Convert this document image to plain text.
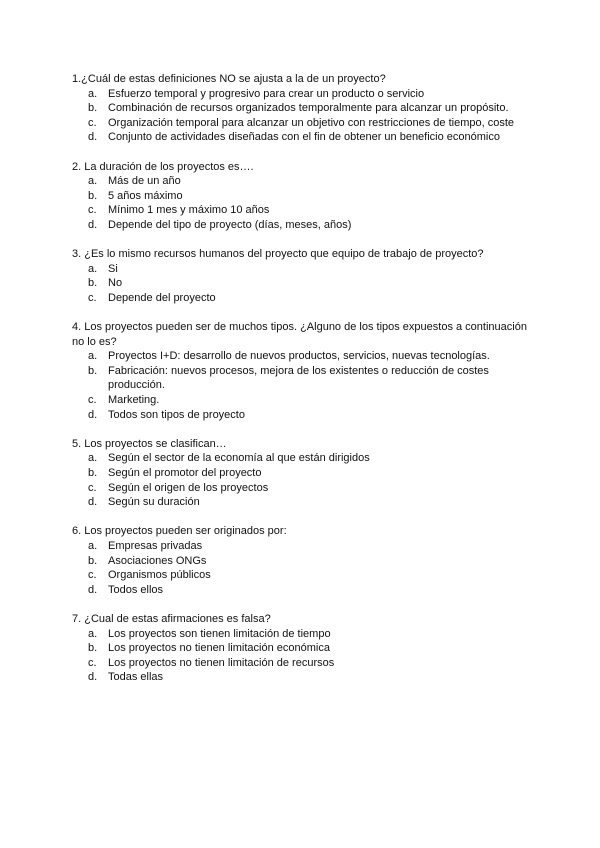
1.¿Cuál de estas definiciones NO se ajusta a la de un proyecto?

a. Esfuerzo temporal y progresivo para crear un producto o servicio
b. Combinación de recursos organizados temporalmente para alcanzar un propósito.
c. Organización temporal para alcanzar un objetivo con restricciones de tiempo, coste
d. Conjunto de actividades diseñadas con el fin de obtener un beneficio económico

2. La duración de los proyectos es….

a. Más de un año
b. 5 años máximo
c. Mínimo 1 mes y máximo 10 años
d. Depende del tipo de proyecto (días, meses, años)

3. ¿Es lo mismo recursos humanos del proyecto que equipo de trabajo de proyecto?

a. Si
b. No
c. Depende del proyecto

4. Los proyectos pueden ser de muchos tipos. ¿Alguno de los tipos expuestos a continuación no lo es?

a. Proyectos I+D: desarrollo de nuevos productos, servicios, nuevas tecnologías.
b. Fabricación: nuevos procesos, mejora de los existentes o reducción de costes producción.
c. Marketing.
d. Todos son tipos de proyecto

5. Los proyectos se clasifican…

a. Según el sector de la economía al que están dirigidos
b. Según el promotor del proyecto
c. Según el origen de los proyectos
d. Según su duración

6. Los proyectos pueden ser originados por:

a. Empresas privadas
b. Asociaciones ONGs
c. Organismos públicos
d. Todos ellos

7. ¿Cual de estas afirmaciones es falsa?

a. Los proyectos son tienen limitación de tiempo
b. Los proyectos no tienen limitación económica
c. Los proyectos no tienen limitación de recursos
d. Todas ellas
